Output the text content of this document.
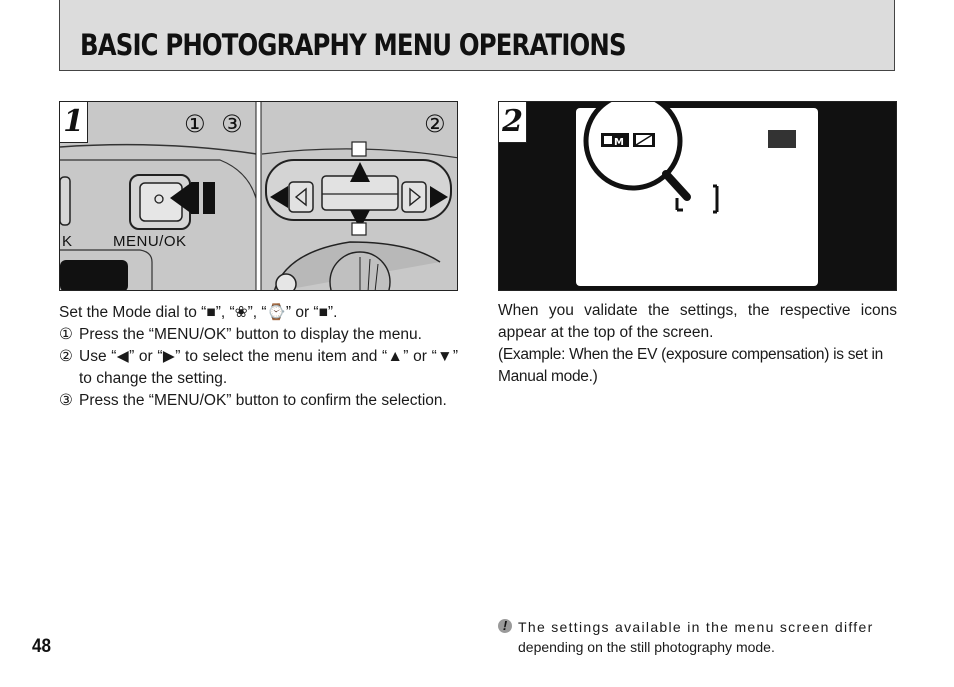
BASIC PHOTOGRAPHY MENU OPERATIONS
1	① ③	②
K	MENU/OK
M
2

Set the Mode dial to “■”, “❀”, “⌚” or “■”.

① Press the “MENU/OK” button to display the menu.
② Use “◀” or “▶” to select the menu item and “▲” or “▼” to change the setting.
③ Press the “MENU/OK” button to confirm the selection.

When you validate the settings, the respective icons appear at the top of the screen.

(Example: When the EV (exposure compensation) is set in Manual mode.)

! The settings available in the menu screen differ
depending on the still photography mode.
48
